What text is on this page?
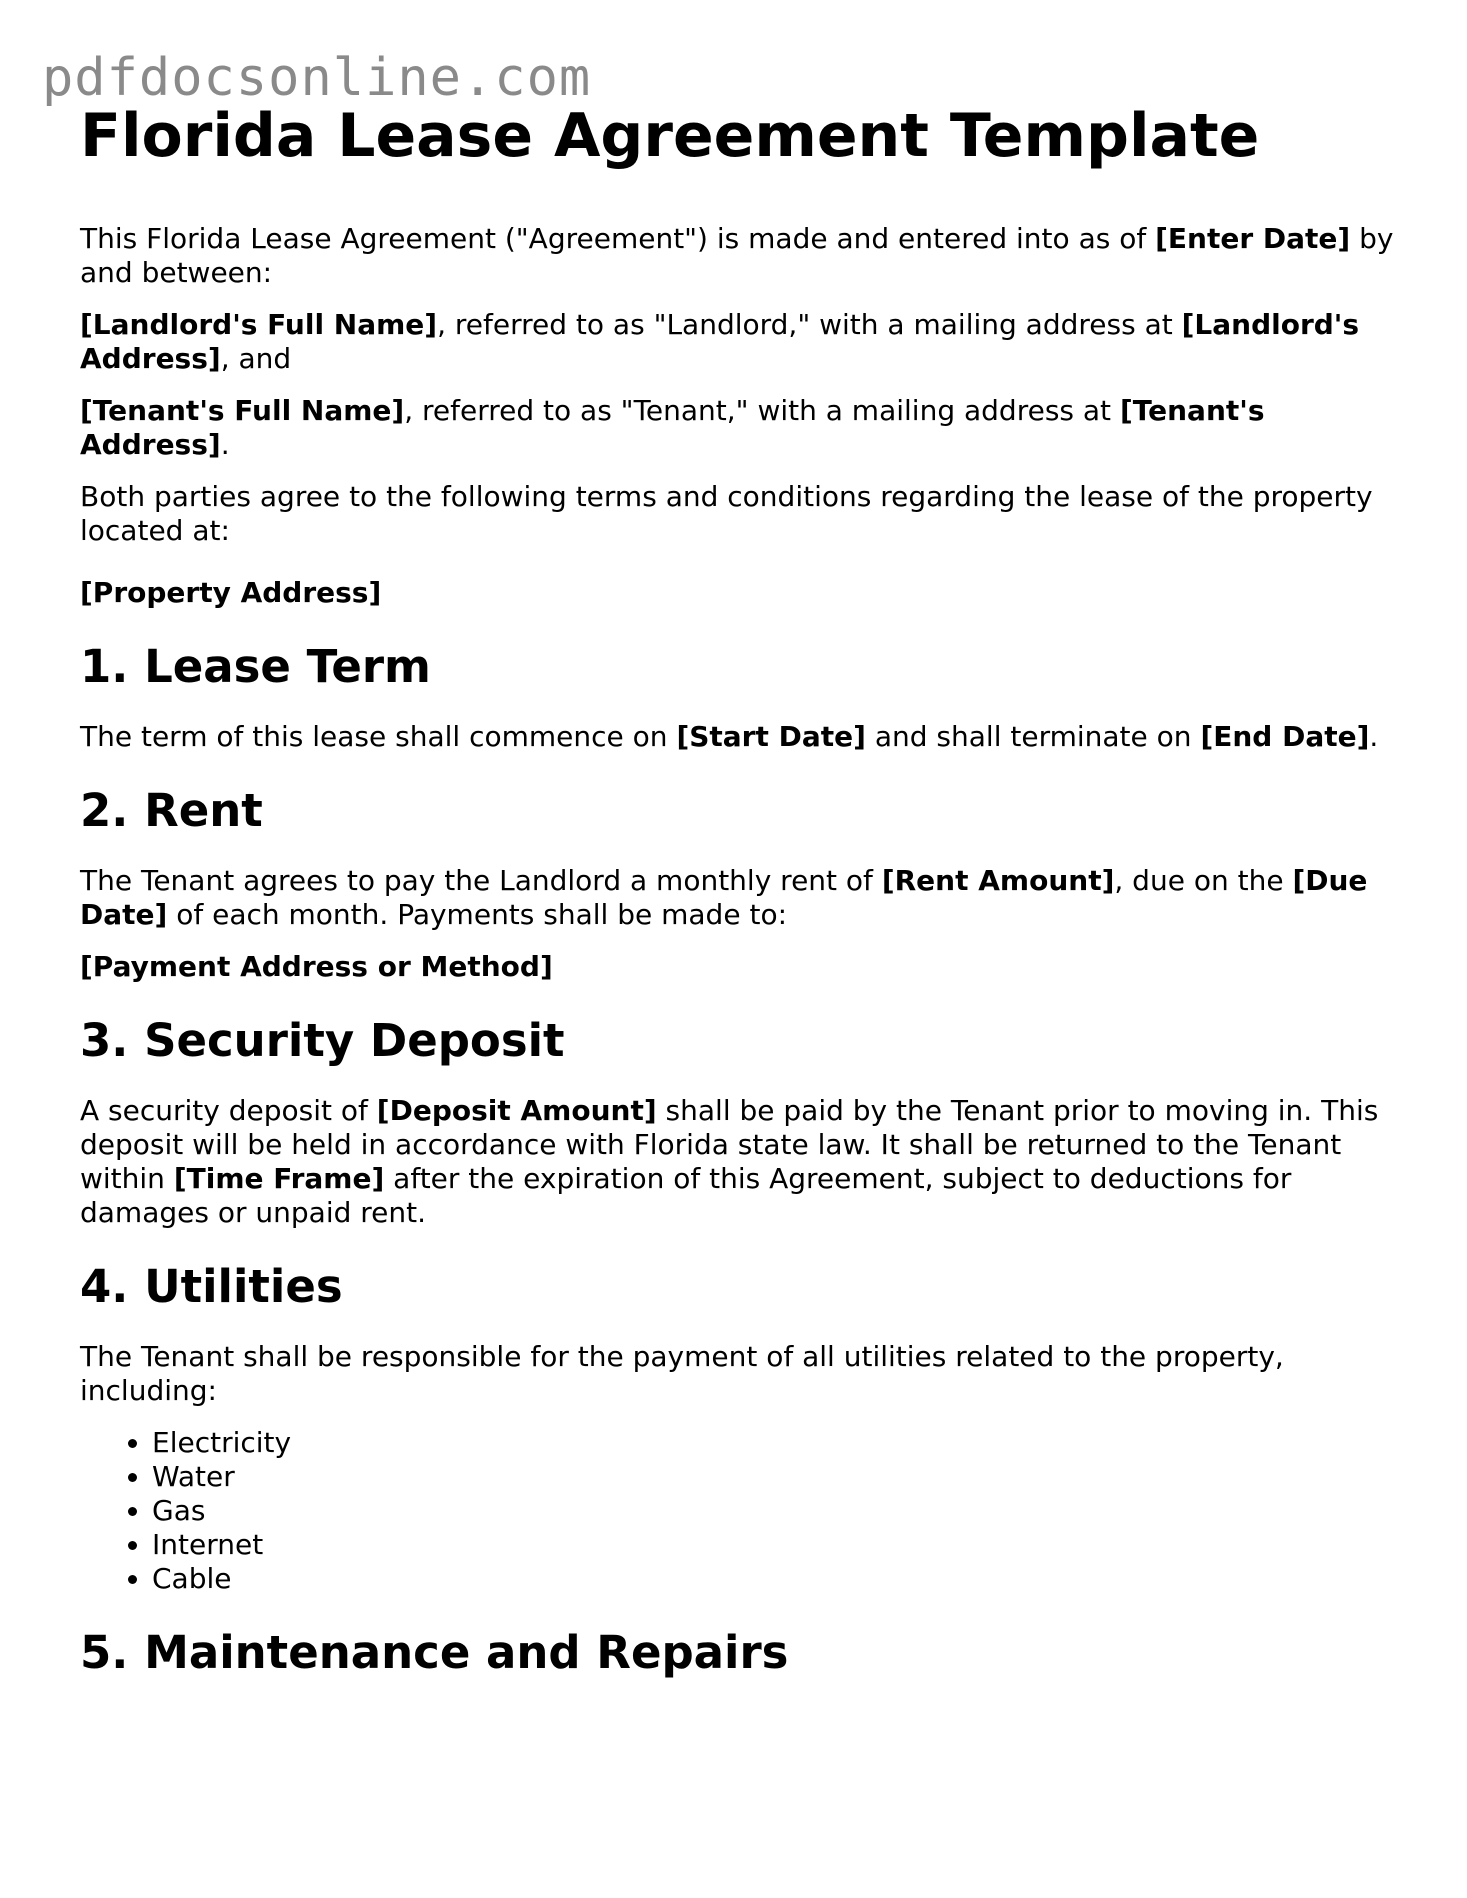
pdfdocsonline.com
Florida Lease Agreement Template

This Florida Lease Agreement ("Agreement") is made and entered into as of [Enter Date] by and between:

[Landlord's Full Name], referred to as "Landlord," with a mailing address at [Landlord's Address], and

[Tenant's Full Name], referred to as "Tenant," with a mailing address at [Tenant's Address].

Both parties agree to the following terms and conditions regarding the lease of the property located at:

[Property Address]

1. Lease Term

The term of this lease shall commence on [Start Date] and shall terminate on [End Date].

2. Rent

The Tenant agrees to pay the Landlord a monthly rent of [Rent Amount], due on the [Due Date] of each month. Payments shall be made to:

[Payment Address or Method]

3. Security Deposit

A security deposit of [Deposit Amount] shall be paid by the Tenant prior to moving in. This deposit will be held in accordance with Florida state law. It shall be returned to the Tenant within [Time Frame] after the expiration of this Agreement, subject to deductions for damages or unpaid rent.

4. Utilities

The Tenant shall be responsible for the payment of all utilities related to the property, including:

• Electricity
• Water
• Gas
• Internet
• Cable
5. Maintenance and Repairs
